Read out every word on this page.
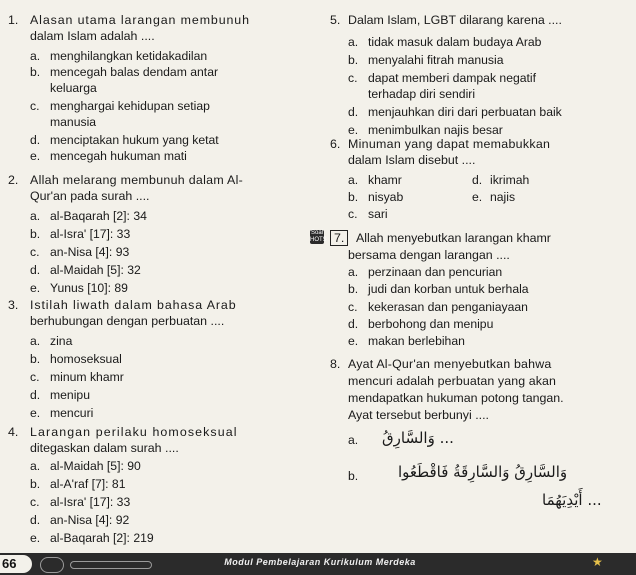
1. Alasan utama larangan membunuh
dalam Islam adalah ....
a. menghilangkan ketidakadilan
b. mencegah balas dendam antar
keluarga
c. menghargai kehidupan setiap
manusia
d. menciptakan hukum yang ketat
e. mencegah hukuman mati
2. Allah melarang membunuh dalam Al-
Qur'an pada surah ....
a. al-Baqarah [2]: 34
b. al-Isra' [17]: 33
c. an-Nisa [4]: 93
d. al-Maidah [5]: 32
e. Yunus [10]: 89
3. Istilah liwath dalam bahasa Arab
berhubungan dengan perbuatan ....
a. zina
b. homoseksual
c. minum khamr
d. menipu
e. mencuri
4. Larangan perilaku homoseksual
ditegaskan dalam surah ....
a. al-Maidah [5]: 90
b. al-A'raf [7]: 81
c. al-Isra' [17]: 33
d. an-Nisa [4]: 92
e. al-Baqarah [2]: 219
5. Dalam Islam, LGBT dilarang karena ....
a. tidak masuk dalam budaya Arab
b. menyalahi fitrah manusia
c. dapat memberi dampak negatif
terhadap diri sendiri
d. menjauhkan diri dari perbuatan baik
e. menimbulkan najis besar
6. Minuman yang dapat memabukkan
dalam Islam disebut ....
a. khamr	d. ikrimah
b. nisyab	e. najis
c. sari
Soal HOTS 7. Allah menyebutkan larangan khamr
bersama dengan larangan ....
a. perzinaan dan pencurian
b. judi dan korban untuk berhala
c. kekerasan dan penganiayaan
d. berbohong dan menipu
e. makan berlebihan
8. Ayat Al-Qur'an menyebutkan bahwa
mencuri adalah perbuatan yang akan
mendapatkan hukuman potong tangan.
Ayat tersebut berbunyi ....
a.	... وَالسَّارِقُ
b.	وَالسَّارِقُ وَالسَّارِقَةُ فَاقْطَعُوا
... أَيْدِيَهُمَا
66	Modul Pembelajaran Kurikulum Merdeka	★
